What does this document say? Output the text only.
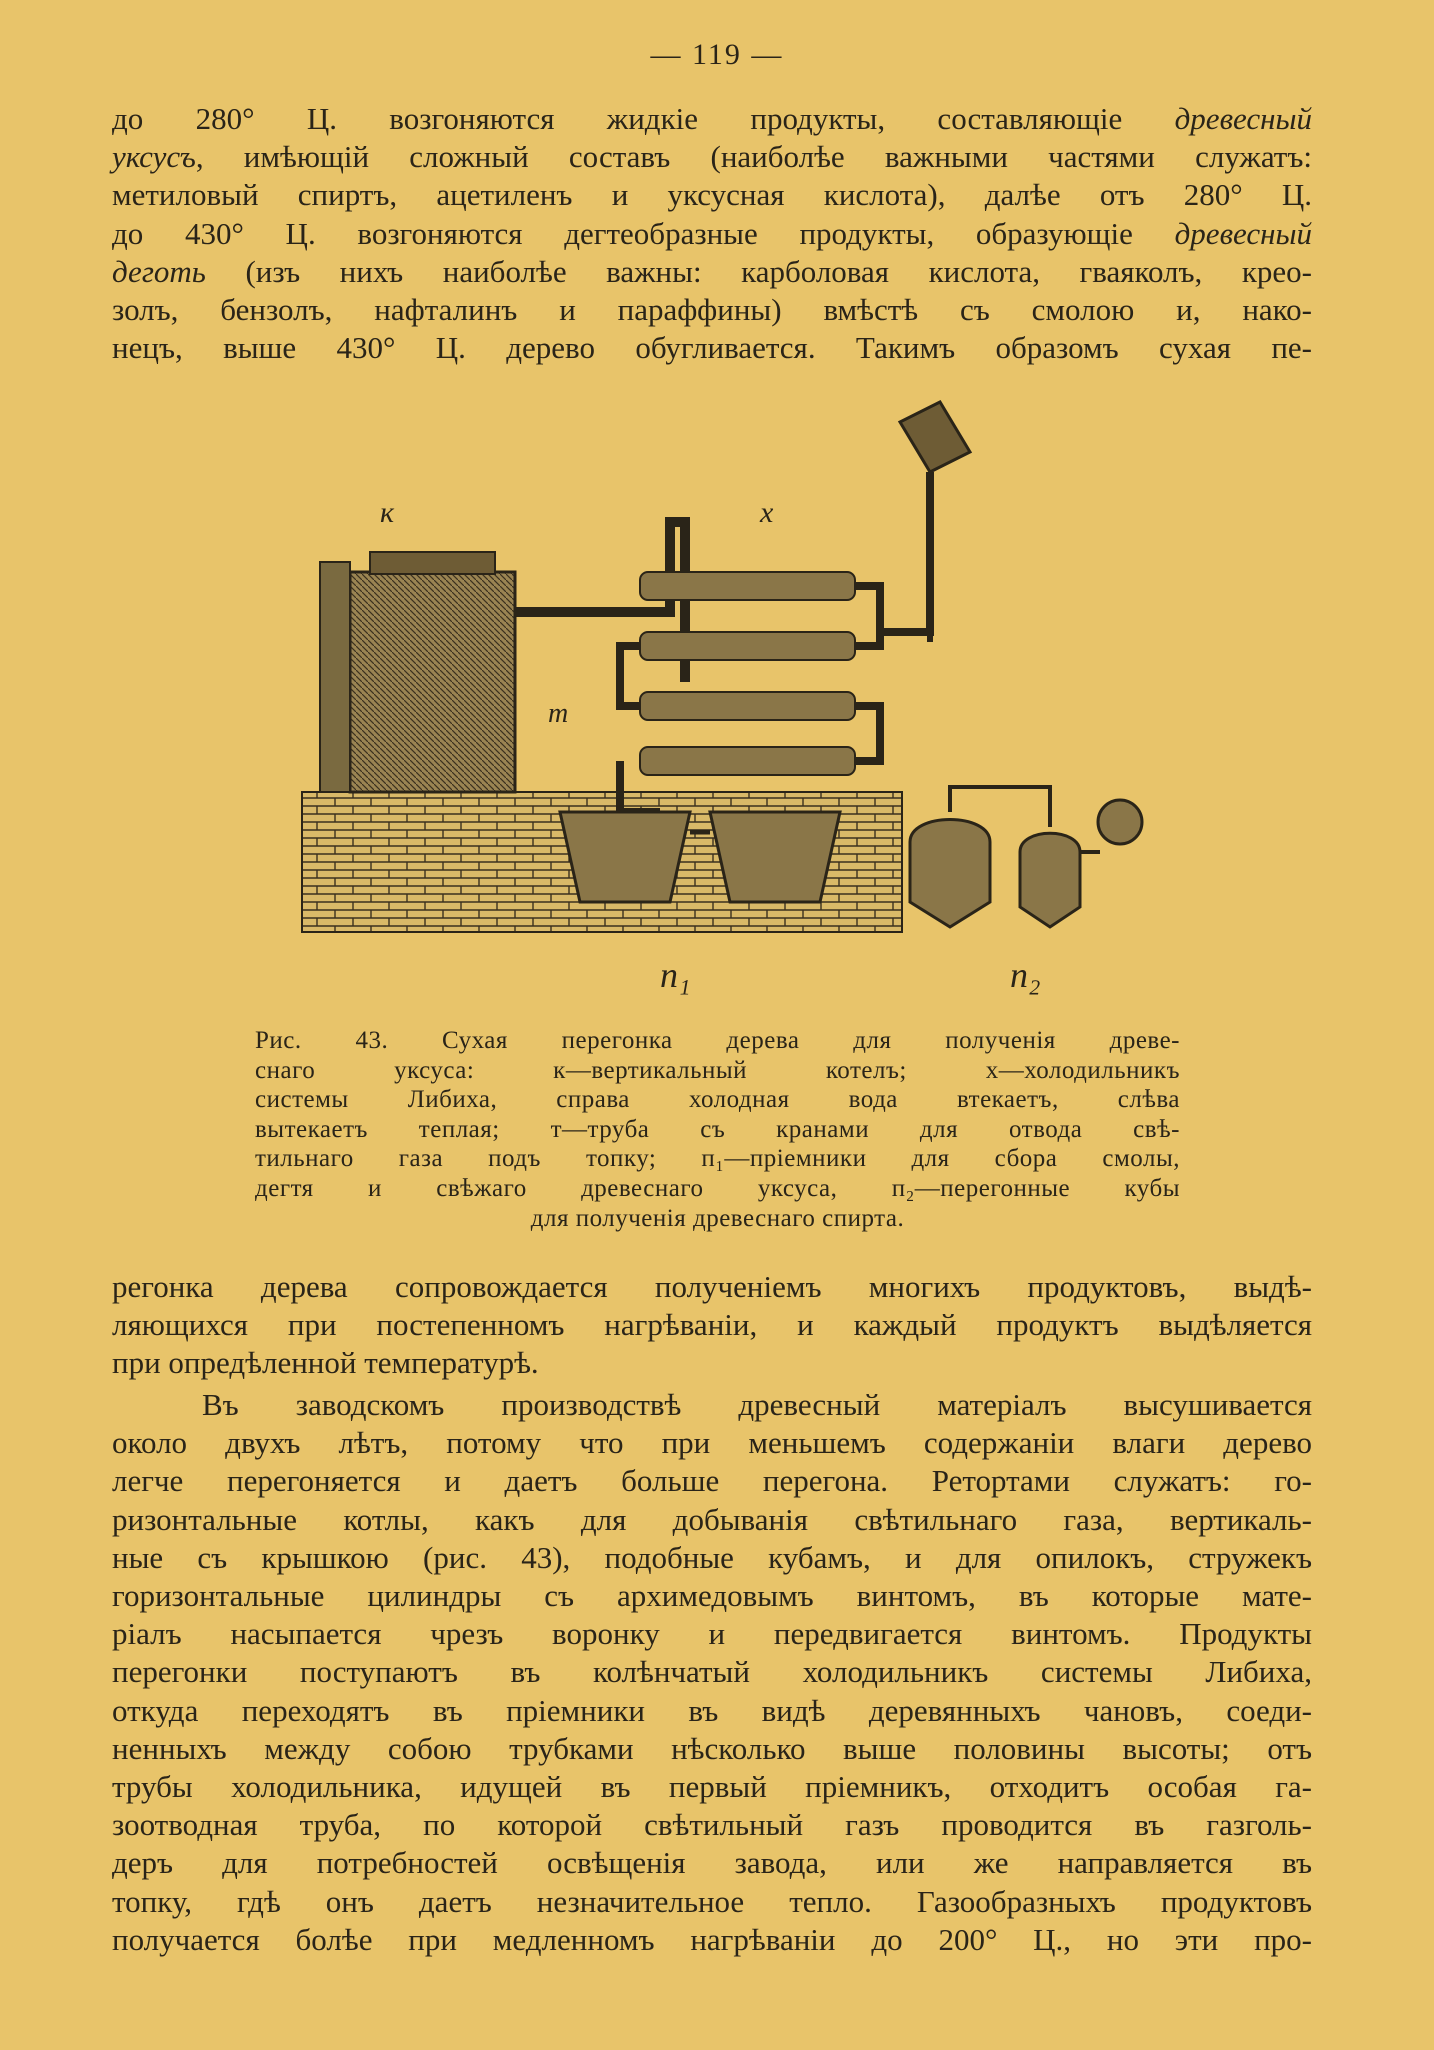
— 119 —
до 280° Ц. возгоняются жидкіе продукты, составляющіе древесный
уксусъ, имѣющій сложный составъ (наиболѣе важными частями служатъ:
метиловый спиртъ, ацетиленъ и уксусная кислота), далѣе отъ 280° Ц.
до 430° Ц. возгоняются дегтеобразные продукты, образующіе древесный
деготь (изъ нихъ наиболѣе важны: карболовая кислота, гваяколъ, крео-
золъ, бензолъ, нафталинъ и параффины) вмѣстѣ съ смолою и, нако-
нецъ, выше 430° Ц. дерево обугливается. Такимъ образомъ сухая пе-
к	х
т
п₁	п₂
Рис. 43. Сухая перегонка дерева для полученія древе-
снаго уксуса: к—вертикальный котелъ; х—холодильникъ
системы Либиха, справа холодная вода втекаетъ, слѣва
вытекаетъ теплая; т—труба съ кранами для отвода свѣ-
тильнаго газа подъ топку; п₁—пріемники для сбора смолы,
дегтя и свѣжаго древеснаго уксуса, п₂—перегонные кубы
для полученія древеснаго спирта.
регонка дерева сопровождается полученіемъ многихъ продуктовъ, выдѣ-
ляющихся при постепенномъ нагрѣваніи, и каждый продуктъ выдѣляется
при опредѣленной температурѣ.
Въ заводскомъ производствѣ древесный матеріалъ высушивается
около двухъ лѣтъ, потому что при меньшемъ содержаніи влаги дерево
легче перегоняется и даетъ больше перегона. Ретортами служатъ: го-
ризонтальные котлы, какъ для добыванія свѣтильнаго газа, вертикаль-
ные съ крышкою (рис. 43), подобные кубамъ, и для опилокъ, стружекъ
горизонтальные цилиндры съ архимедовымъ винтомъ, въ которые мате-
ріалъ насыпается чрезъ воронку и передвигается винтомъ. Продукты
перегонки поступаютъ въ колѣнчатый холодильникъ системы Либиха,
откуда переходятъ въ пріемники въ видѣ деревянныхъ чановъ, соеди-
ненныхъ между собою трубками нѣсколько выше половины высоты; отъ
трубы холодильника, идущей въ первый пріемникъ, отходитъ особая га-
зоотводная труба, по которой свѣтильный газъ проводится въ газголь-
деръ для потребностей освѣщенія завода, или же направляется въ
топку, гдѣ онъ даетъ незначительное тепло. Газообразныхъ продуктовъ
получается болѣе при медленномъ нагрѣваніи до 200° Ц., но эти про-
